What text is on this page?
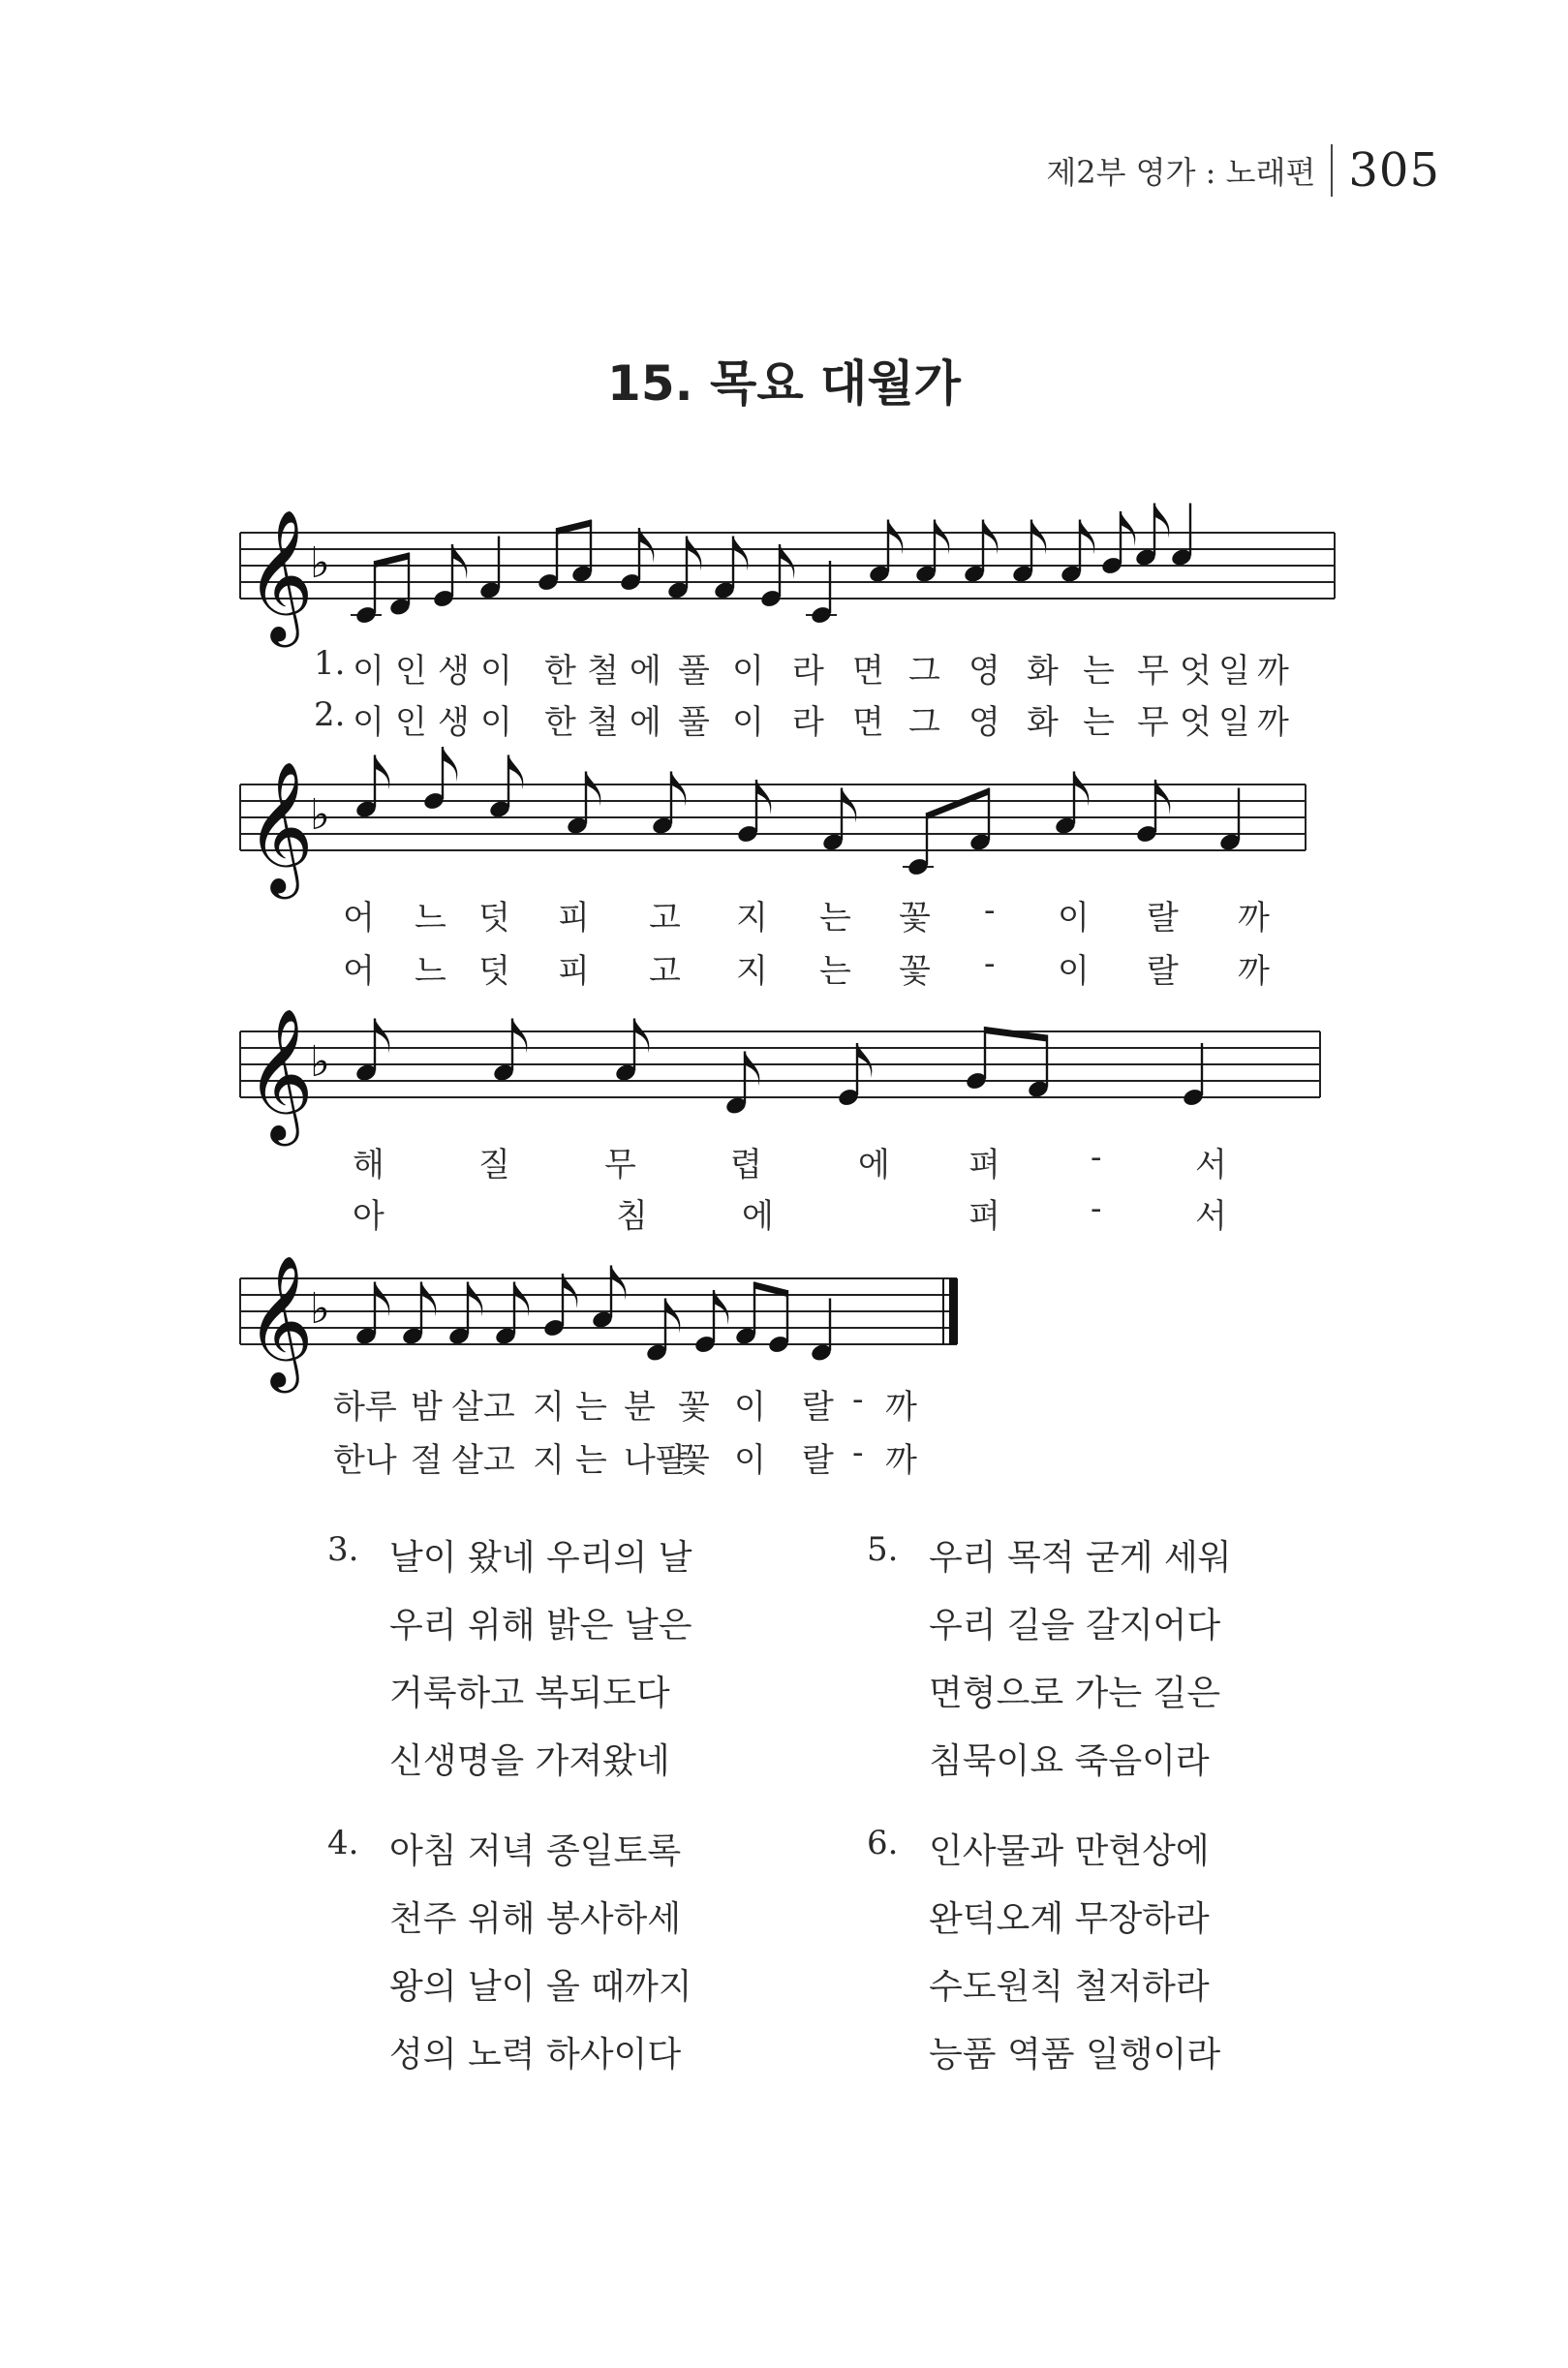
제2부 영가 : 노래편 305
15. 목요 대월가
𝄞
♭
1. 이 인 생 이 한 철 에 풀 이 라 면 그 영 화 는 무 엇 일 까
2. 이 인 생 이 한 철 에 풀 이 라 면 그 영 화 는 무 엇 일 까
𝄞
♭
어 느 덧 피 고 지 는 꽃 - 이 랄 까
어 느 덧 피 고 지 는 꽃 - 이 랄 까
𝄞
♭
해	질	무	렵	에 펴	-	서
아	침	에	펴	-	서
𝄞
♭
하루 밤 살고 지 는 분 꽃 이 랄 - 까
한나 절 살고 지 는 나팔
꽃 이 랄 - 까
3. 날이 왔네 우리의 날
우리 위해 밝은 날은
거룩하고 복되도다
신생명을 가져왔네
5. 우리 목적 굳게 세워
우리 길을 갈지어다
면형으로 가는 길은
침묵이요 죽음이라
4. 아침 저녁 종일토록
천주 위해 봉사하세
왕의 날이 올 때까지
성의 노력 하사이다
6. 인사물과 만현상에
완덕오계 무장하라
수도원칙 철저하라
능품 역품 일행이라
